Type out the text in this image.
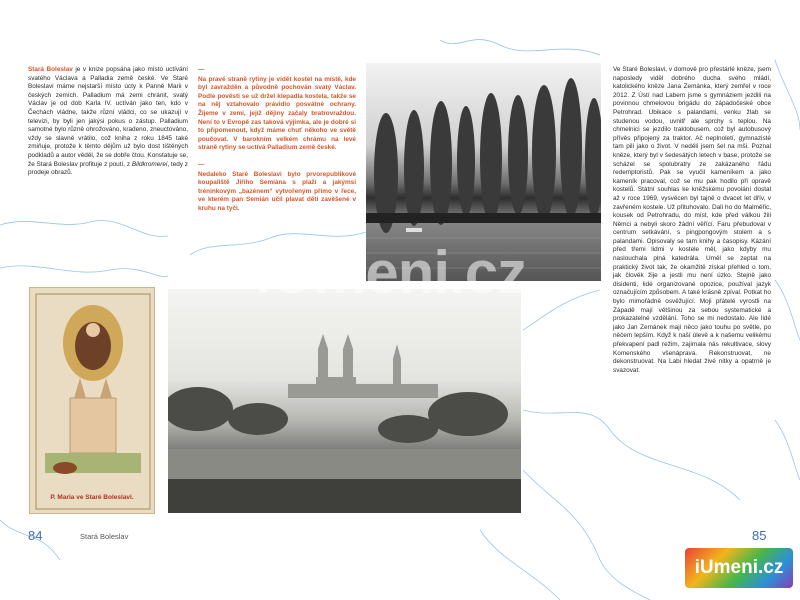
Stará Boleslav je v knize popsána jako místo uctívání svatého Václava a Palladia země české. Ve Staré Boleslavi máme nejstarší místo úcty k Panně Marii v českých zemích. Palladium má zemi chránit, svatý Václav je od dob Karla IV. uctíván jako ten, kdo v Čechách vládne, takže různí vládci, co se ukazují v televizi, by byli jen jakýsi pokus o zástup. Palladium samotné bylo různě ohrožováno, kradeno, zneuctováno, vždy se slavně vrátilo, což kniha z roku 1845 také zmiňuje, protože k těmto dějům už bylo dost tištěných podkladů a autor věděl, že se dobře čtou. Konstatuje se, že Stará Boleslav profituje z poutí, z Bildkromerei, tedy z prodeje obrazů.

—

Na pravé straně rytiny je vidět kostel na místě, kde byl zavražděn a původně pochován svatý Václav. Podle pověsti se už držel klepadla kostela, takže se na něj vztahovalo právidlo posvátné ochrany. Žijeme v zemi, jejíž dějiny začaly bratrovraždou. Není to v Evropě zas taková výjimka, ale je dobré si to připomenout, když máme chuť někoho ve světě poučovat. V barokním velkém chrámu na levé straně rytiny se uctívá Palladium země české.

—

Nedaleko Staré Boleslavi bylo prvorepublikové koupaliště Jiřího Semiána s plaží a jakýmsi tréninkovým „bazénem“ vytvořeným přímo v řece, ve kterém pan Semián učil plavat děti zavěšené v kruhu na tyči.

P. Maria ve Staré Boleslavi.
iUmeni.cz

Ve Staré Boleslavi, v domově pro přestárlé kněze, jsem naposledy viděl dobrého ducha svého mládí, katolického kněze Jana Zemánka, který zemřel v roce 2012. Z Ústí nad Labem jsme s gymnáziem jezdili na povinnou chmelovou brigádu do západočeské obce Petrohrad. Ubikace s palandami, venku žlab se studenou vodou, uvnitř ale sprchy s teplou. Na chmelnici se jezdilo traktobusem, což byl autobusový přívěs připojený za traktor. Ač neplnoletí, gymnazisté tam pili jako o život. V neděli jsem šel na mši. Poznal kněze, který byl v šedesátých letech v base, protože se scházel se spolubratry ze zakázaného řádu redemptoristů. Pak se vyučil kameníkem a jako kameník pracoval, což se mu pak hodilo při opravě kostelů. Státní souhlas ke kněžskému povolání dostal až v roce 1969, vysvěcen byl tajně o dvacet let dřív, v zavřeném kostele. Už přituhovalo. Dali ho do Malměřic, kousek od Petrohradu, do míst, kde před válkou žili Němci a nebyli skoro žádní věřící. Faru přebudoval v centrum setkávání, s pingpongovým stolem a s palandami. Opisovaly se tam knihy a časopisy. Kázání před třemi lidmi v kostele měl, jako kdyby mu naslouchala plná katedrála. Uměl se zeptat na praktický život tak, že okamžitě získal přehled o tom, jak člověk žije a jestli mu není úzko. Stejně jako disidenti, lidé organizované opozice, používal jazyk označujícím způsobem. A také krásně zpíval. Potkat ho bylo mimořádně osvěžující. Moji přátelé vyrostli na Západě mají většinou za sebou systematické a prokazatelné vzdělání. Toho se mi nedostalo. Ale lidé jako Jan Zemánek mají něco jako touhu po světle, po něčem lepším. Když k naší úlevě a k našemu velikému překvapení padl režim, zajímala nás rekultivace, slovy Komenského všenáprava. Rekonstruovat, ne dekonstruovat. Na Labi hledat živé nitky a opatrně je svazovat.

84	Stará Boleslav	85
iUmeni.cz
